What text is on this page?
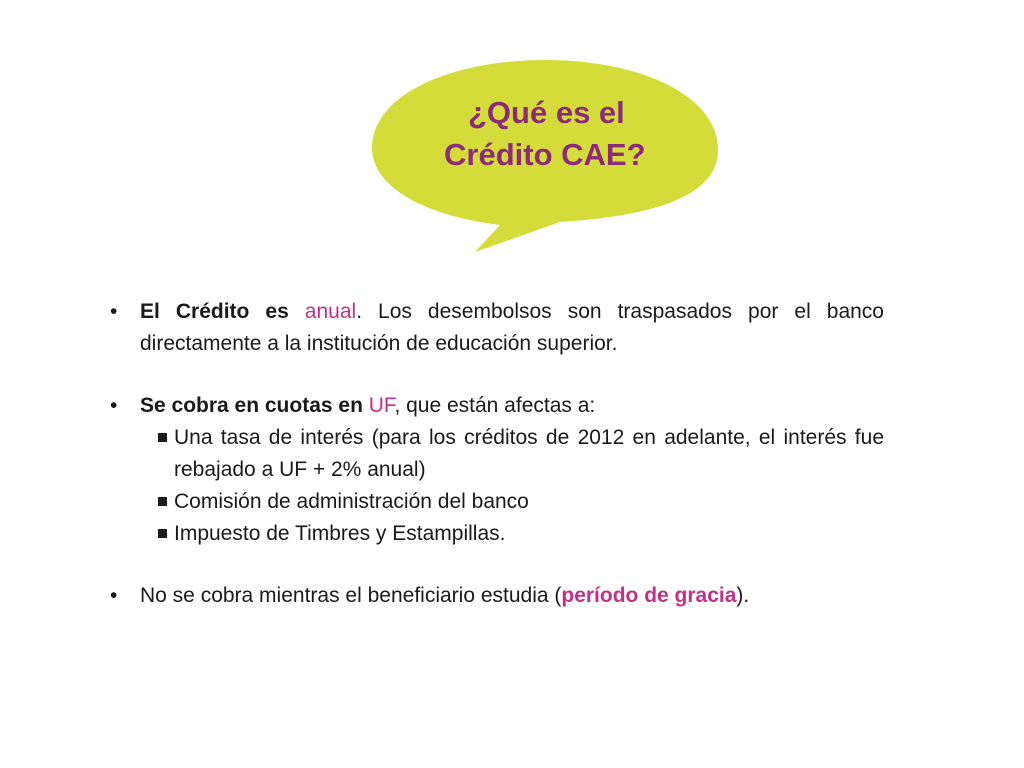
¿Qué es el
Crédito CAE?
• El Crédito es anual. Los desembolsos son traspasados por el banco directamente a la institución de educación superior.
• Se cobra en cuotas en UF, que están afectas a:
Una tasa de interés (para los créditos de 2012 en adelante, el interés fue rebajado a UF + 2% anual)
Comisión de administración del banco
Impuesto de Timbres y Estampillas.
• No se cobra mientras el beneficiario estudia (período de gracia).
